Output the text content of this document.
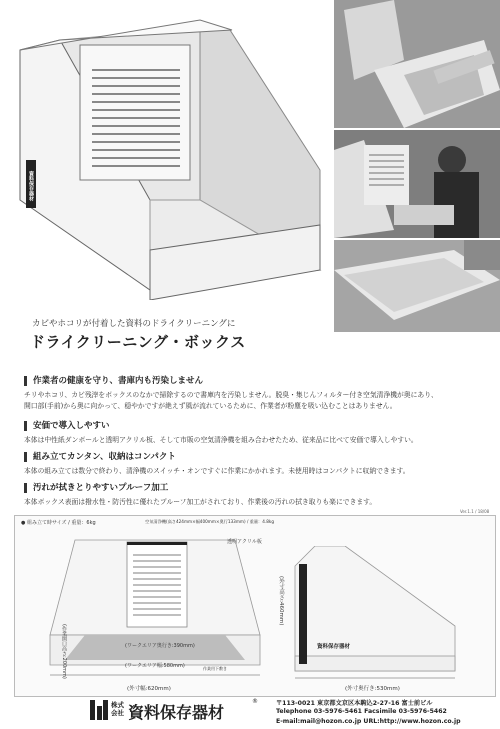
資料保存器材
カビやホコリが付着した資料のドライクリーニングに
ドライクリーニング・ボックス
作業者の健康を守り、書庫内も汚染しません
チリやホコリ、カビ残滓をボックスのなかで掃除するので書庫内を汚染しません。脱臭・集じんフィルター付き空気清浄機が奥にあり、
開口部(手前)から奥に向かって、穏やかですが絶えず風が流れているために、作業者が粉塵を吸い込むことはありません。
安価で導入しやすい
本体は中性紙ダンボールと透明アクリル板、そして市販の空気清浄機を組み合わせたため、従来品に比べて安価で導入しやすい。
組み立てカンタン、収納はコンパクト
本体の組み立ては数分で終わり、清浄機のスイッチ・オンですぐに作業にかかれます。未使用時はコンパクトに収納できます。
汚れが拭きとりやすいプルーフ加工
本体ボックス表面は撥水性・防汚性に優れたプルーフ加工がされており、作業後の汚れの拭き取りも楽にできます。
● 組み立て時サイズ / 重量：6kg	空気清浄機(高さ424mm×幅400mm×奥行133mm) / 重量：4.8kg
透明アクリル板
(作業開口高さ:200mm)	(ワークエリア奥行き:390mm)
(ワークエリア幅:580mm)	作業用下敷き
(外寸幅:620mm)
(外寸高さ:460mm)
資料保存器材
(外寸奥行き:530mm)
Ver.1.1 / 18/08
株式会社 資料保存器材
®	〒113-0021 東京都文京区本駒込2-27-16 富士前ビル
Telephone 03-5976-5461 Facsimile 03-5976-5462
E-mail:mail@hozon.co.jp URL:http://www.hozon.co.jp
